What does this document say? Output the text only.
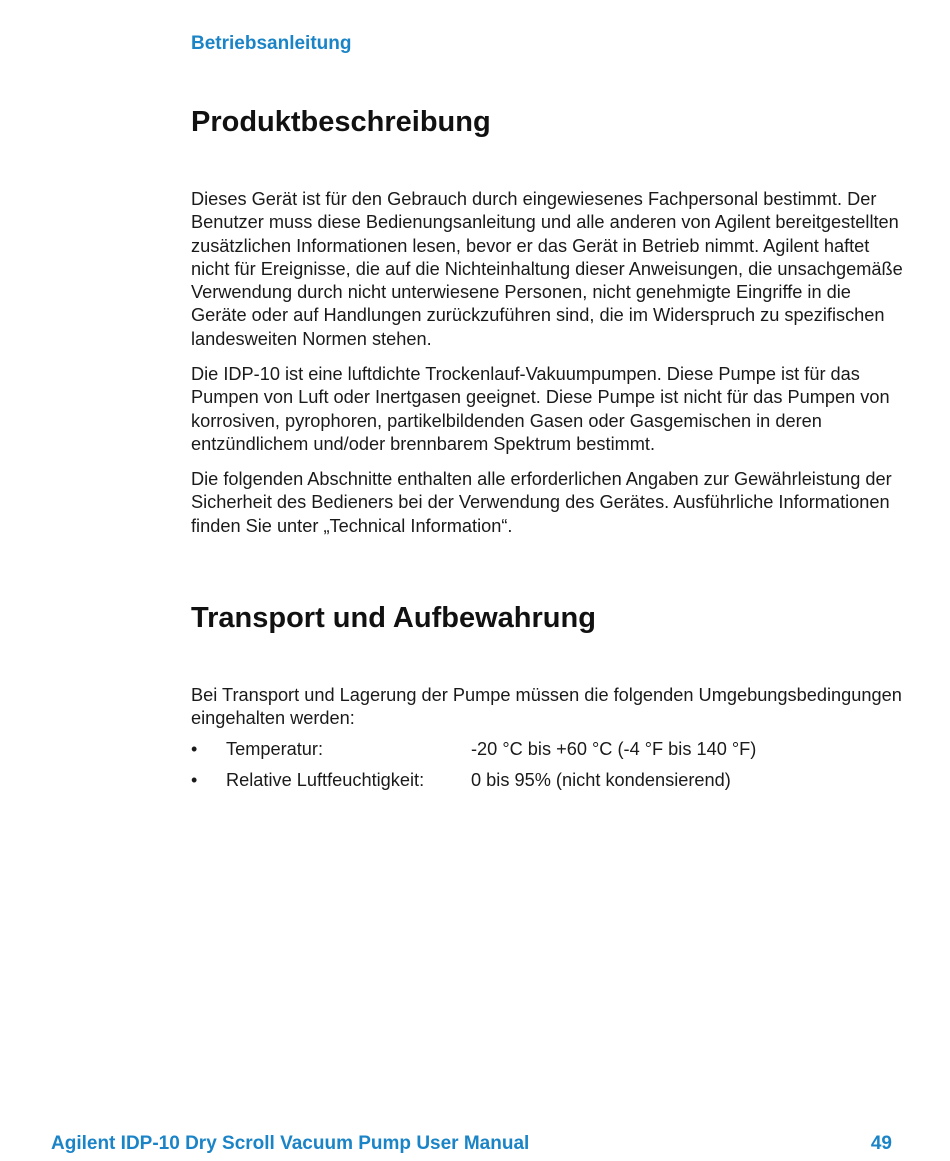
Betriebsanleitung
Produktbeschreibung

Dieses Gerät ist für den Gebrauch durch eingewiesenes Fachpersonal bestimmt. Der Benutzer muss diese Bedienungsanleitung und alle anderen von Agilent bereitgestellten zusätzlichen Informationen lesen, bevor er das Gerät in Betrieb nimmt. Agilent haftet nicht für Ereignisse, die auf die Nichteinhaltung dieser Anweisungen, die unsachgemäße Verwendung durch nicht unterwiesene Personen, nicht genehmigte Eingriffe in die Geräte oder auf Handlungen zurückzuführen sind, die im Widerspruch zu spezifischen landesweiten Normen stehen.

Die IDP-10 ist eine luftdichte Trockenlauf-Vakuumpumpen. Diese Pumpe ist für das Pumpen von Luft oder Inertgasen geeignet. Diese Pumpe ist nicht für das Pumpen von korrosiven, pyrophoren, partikelbildenden Gasen oder Gasgemischen in deren entzündlichem und/oder brennbarem Spektrum bestimmt.

Die folgenden Abschnitte enthalten alle erforderlichen Angaben zur Gewährleistung der Sicherheit des Bedieners bei der Verwendung des Gerätes. Ausführliche Informationen finden Sie unter „Technical Information“.

Transport und Aufbewahrung

Bei Transport und Lagerung der Pumpe müssen die folgenden Umgebungsbedingungen eingehalten werden:

• Temperatur:	-20 °C bis +60 °C (-4 °F bis 140 °F)
• Relative Luftfeuchtigkeit:	0 bis 95% (nicht kondensierend)
Agilent IDP-10 Dry Scroll Vacuum Pump User Manual	49
